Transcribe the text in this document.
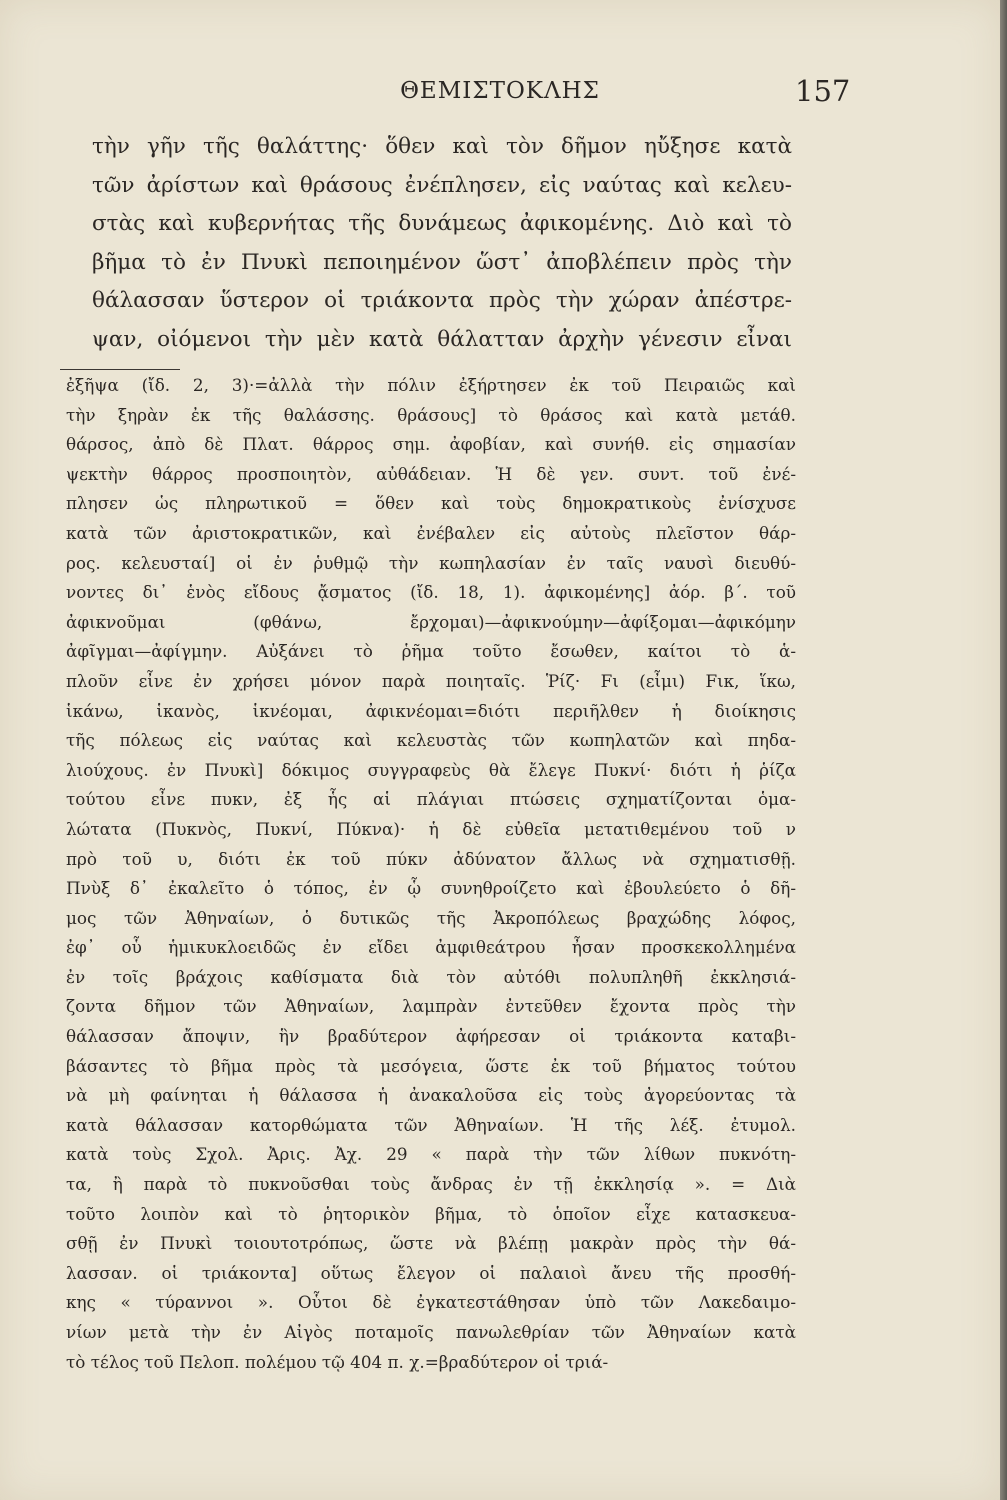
ΘΕΜΙΣΤΟΚΛΗΣ	157
τὴν γῆν τῆς θαλάττης· ὅθεν καὶ τὸν δῆμον ηὔξησε κατὰ
τῶν ἀρίστων καὶ θράσους ἐνέπλησεν, εἰς ναύτας καὶ κελευ-
στὰς καὶ κυβερνήτας τῆς δυνάμεως ἀφικομένης. Διὸ καὶ τὸ
βῆμα τὸ ἐν Πνυκὶ πεποιημένον ὥστ᾿ ἀποβλέπειν πρὸς τὴν
θάλασσαν ὕστερον οἱ τριάκοντα πρὸς τὴν χώραν ἀπέστρε-
ψαν, οἰόμενοι τὴν μὲν κατὰ θάλατταν ἀρχὴν γένεσιν εἶναι
ἐξῆψα (ἴδ. 2, 3)·=ἀλλὰ τὴν πόλιν ἐξήρτησεν ἐκ τοῦ Πειραιῶς καὶ
τὴν ξηρὰν ἐκ τῆς θαλάσσης. θράσους] τὸ θράσος καὶ κατὰ μετάθ.
θάρσος, ἀπὸ δὲ Πλατ. θάρρος σημ. ἀφοβίαν, καὶ συνήθ. εἰς σημασίαν
ψεκτὴν θάρρος προσποιητὸν, αὐθάδειαν. Ἡ δὲ γεν. συντ. τοῦ ἐνέ-
πλησεν ὡς πληρωτικοῦ = ὅθεν καὶ τοὺς δημοκρατικοὺς ἐνίσχυσε
κατὰ τῶν ἀριστοκρατικῶν, καὶ ἐνέβαλεν εἰς αὐτοὺς πλεῖστον θάρ-
ρος. κελευσταί] οἱ ἐν ῥυθμῷ τὴν κωπηλασίαν ἐν ταῖς ναυσὶ διευθύ-
νοντες δι᾿ ἑνὸς εἴδους ᾄσματος (ἴδ. 18, 1). ἀφικομένης] ἀόρ. β΄. τοῦ
ἀφικνοῦμαι (φθάνω, ἔρχομαι)—ἀφικνούμην—ἀφίξομαι—ἀφικόμην
ἀφῖγμαι—ἀφίγμην. Αὐξάνει τὸ ῥῆμα τοῦτο ἔσωθεν, καίτοι τὸ ἁ-
πλοῦν εἶνε ἐν χρήσει μόνον παρὰ ποιηταῖς. Ῥίζ· Fι (εἶμι) Fικ, ἵκω,
ἱκάνω, ἱκανὸς, ἱκνέομαι, ἀφικνέομαι=διότι περιῆλθεν ἡ διοίκησις
τῆς πόλεως εἰς ναύτας καὶ κελευστὰς τῶν κωπηλατῶν καὶ πηδα-
λιούχους. ἐν Πνυκὶ] δόκιμος συγγραφεὺς θὰ ἔλεγε Πυκνί· διότι ἡ ῥίζα
τούτου εἶνε πυκν, ἐξ ἧς αἱ πλάγιαι πτώσεις σχηματίζονται ὁμα-
λώτατα (Πυκνὸς, Πυκνί, Πύκνα)· ἡ δὲ εὐθεῖα μετατιθεμένου τοῦ ν
πρὸ τοῦ υ, διότι ἐκ τοῦ πύκν ἀδύνατον ἄλλως νὰ σχηματισθῇ.
Πνὺξ δ᾿ ἐκαλεῖτο ὁ τόπος, ἐν ᾧ συνηθροίζετο καὶ ἐβουλεύετο ὁ δῆ-
μος τῶν Ἀθηναίων, ὁ δυτικῶς τῆς Ἀκροπόλεως βραχώδης λόφος,
ἐφ᾿ οὗ ἡμικυκλοειδῶς ἐν εἴδει ἀμφιθεάτρου ἦσαν προσκεκολλημένα
ἐν τοῖς βράχοις καθίσματα διὰ τὸν αὐτόθι πολυπληθῆ ἐκκλησιά-
ζοντα δῆμον τῶν Ἀθηναίων, λαμπρὰν ἐντεῦθεν ἔχοντα πρὸς τὴν
θάλασσαν ἄποψιν, ἣν βραδύτερον ἀφήρεσαν οἱ τριάκοντα καταβι-
βάσαντες τὸ βῆμα πρὸς τὰ μεσόγεια, ὥστε ἐκ τοῦ βήματος τούτου
νὰ μὴ φαίνηται ἡ θάλασσα ἡ ἀνακαλοῦσα εἰς τοὺς ἀγορεύοντας τὰ
κατὰ θάλασσαν κατορθώματα τῶν Ἀθηναίων. Ἡ τῆς λέξ. ἐτυμολ.
κατὰ τοὺς Σχολ. Ἀρις. Ἀχ. 29 « παρὰ τὴν τῶν λίθων πυκνότη-
τα, ἢ παρὰ τὸ πυκνοῦσθαι τοὺς ἄνδρας ἐν τῇ ἐκκλησίᾳ ». = Διὰ
τοῦτο λοιπὸν καὶ τὸ ῥητορικὸν βῆμα, τὸ ὁποῖον εἶχε κατασκευα-
σθῇ ἐν Πνυκὶ τοιουτοτρόπως, ὥστε νὰ βλέπῃ μακρὰν πρὸς τὴν θά-
λασσαν. οἱ τριάκοντα] οὕτως ἔλεγον οἱ παλαιοὶ ἄνευ τῆς προσθή-
κης « τύραννοι ». Οὗτοι δὲ ἐγκατεστάθησαν ὑπὸ τῶν Λακεδαιμο-
νίων μετὰ τὴν ἐν Αἰγὸς ποταμοῖς πανωλεθρίαν τῶν Ἀθηναίων κατὰ
τὸ τέλος τοῦ Πελοπ. πολέμου τῷ 404 π. χ.=βραδύτερον οἱ τριά-
